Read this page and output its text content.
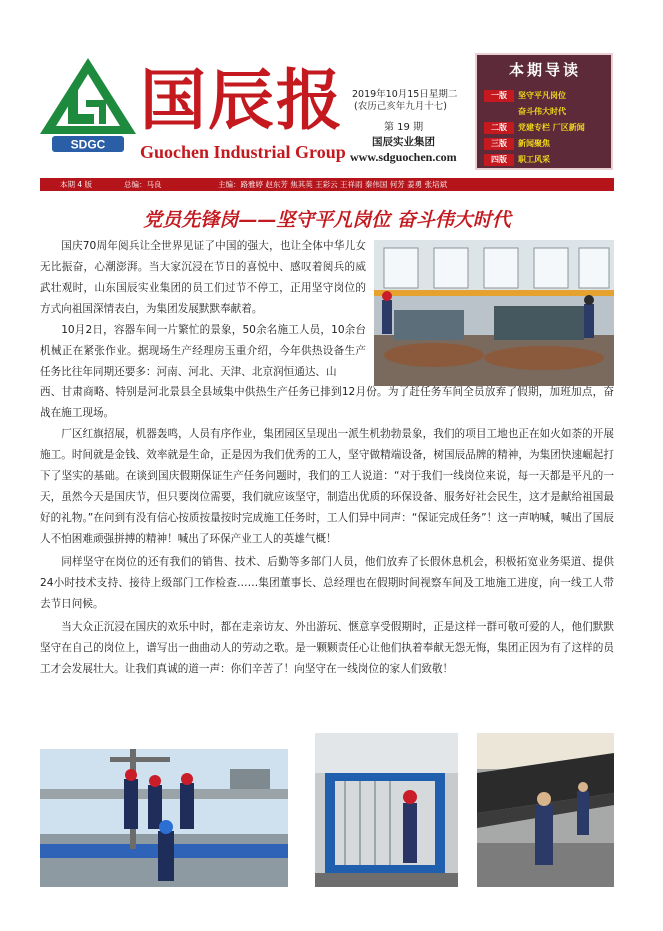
SDGC
国辰报
Guochen Industrial Group
2019年10月15日星期二
(农历己亥年九月十七)
第 19 期
国辰实业集团
www.sdguochen.com
本期导读
一版 坚守平凡岗位
奋斗伟大时代
二版 党建专栏 厂区新闻
三版 新闻聚焦
四版 职工风采
本期 4 版	总编：马良	主编：路雅婷 赵东芳 焦其英 王彩云 王祥雨 秦伟国 何芳 姜勇 张培斌
党员先锋岗——坚守平凡岗位 奋斗伟大时代

国庆70周年阅兵让全世界见证了中国的强大，也让全体中华儿女无比振奋，心潮澎湃。当大家沉浸在节日的喜悦中、感叹着阅兵的威武壮观时，山东国辰实业集团的员工们过节不停工，正用坚守岗位的方式向祖国深情表白，为集团发展默默奉献着。

10月2日，容器车间一片繁忙的景象，50余名施工人员，10余台机械正在紧张作业。据现场生产经理房玉重介绍，今年供热设备生产任务比往年同期还要多：河南、河北、天津、北京润恒通达、山

西、甘肃商略、特别是河北景县全县域集中供热生产任务已排到12月份。为了赶任务车间全员放弃了假期，加班加点，奋战在施工现场。

厂区红旗招展，机器轰鸣，人员有序作业，集团园区呈现出一派生机勃勃景象，我们的项目工地也正在如火如荼的开展施工。时间就是金钱、效率就是生命，正是因为我们优秀的工人，坚守做精端设备，树国辰品牌的精神，为集团快速崛起打下了坚实的基础。在谈到国庆假期保证生产任务问题时，我们的工人说道：“对于我们一线岗位来说，每一天都是平凡的一天，虽然今天是国庆节，但只要岗位需要，我们就应该坚守，制造出优质的环保设备、服务好社会民生，这才是献给祖国最好的礼物。”在问到有没有信心按质按量按时完成施工任务时，工人们异中同声：“保证完成任务”！这一声呐喊，喊出了国辰人不怕困难顽强拼搏的精神！喊出了环保产业工人的英雄气概！

同样坚守在岗位的还有我们的销售、技术、后勤等多部门人员，他们放弃了长假休息机会，积极拓宽业务渠道、提供24小时技术支持、接待上级部门工作检查……集团董事长、总经理也在假期时间视察车间及工地施工进度，向一线工人带去节日问候。

当大众正沉浸在国庆的欢乐中时，都在走亲访友、外出游玩、惬意享受假期时，正是这样一群可敬可爱的人，他们默默坚守在自己的岗位上，谱写出一曲曲动人的劳动之歌。是一颗颗责任心让他们执着奉献无怨无悔，集团正因为有了这样的员工才会发展壮大。让我们真诚的道一声：你们辛苦了！向坚守在一线岗位的家人们致敬！
